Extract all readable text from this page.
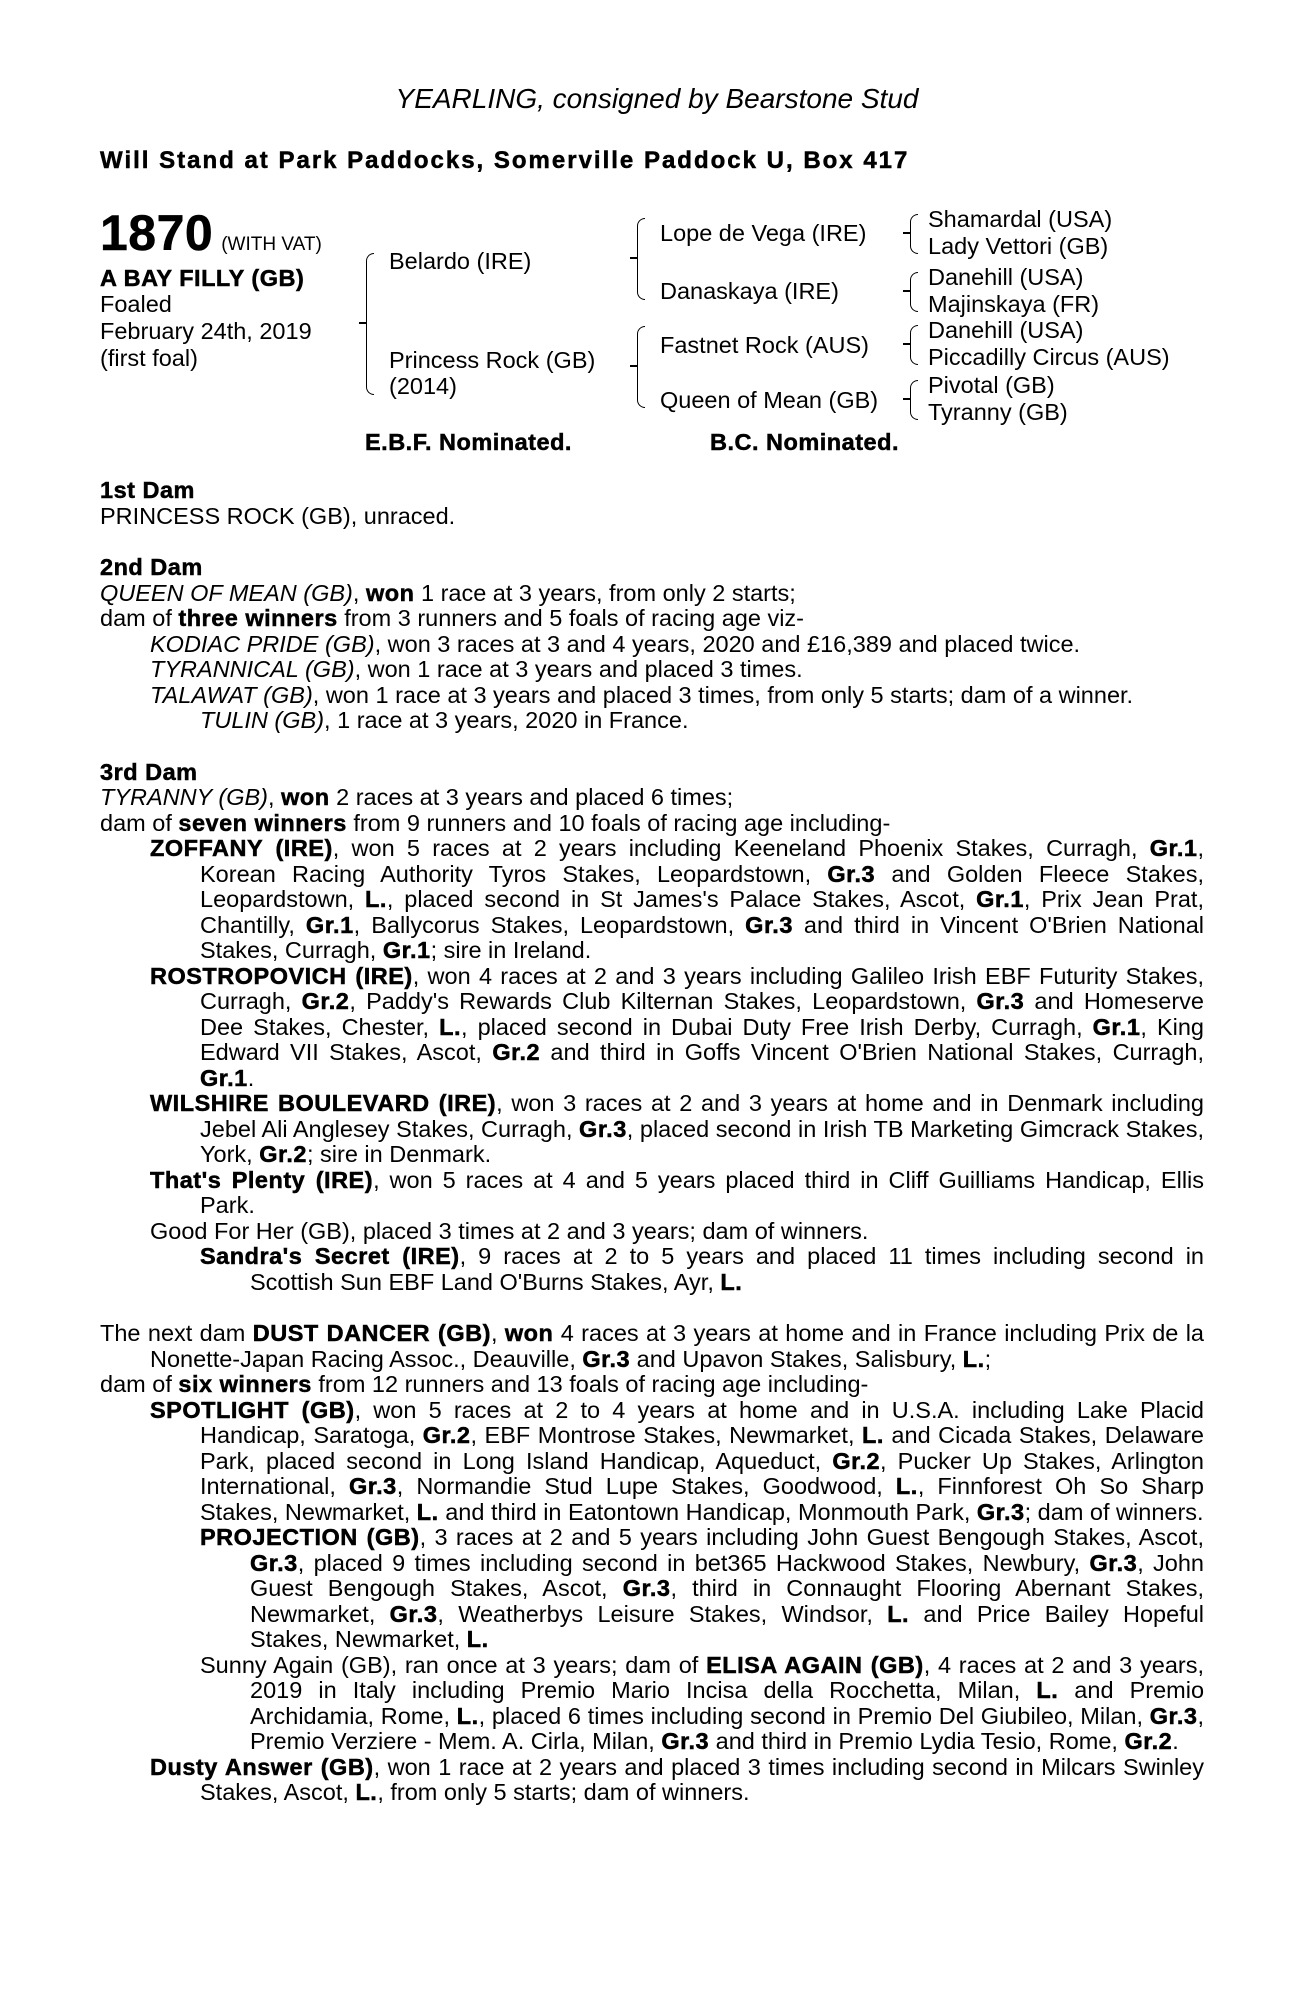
YEARLING, consigned by Bearstone Stud
Will Stand at Park Paddocks, Somerville Paddock U, Box 417
1870 (WITH VAT)
A BAY FILLY (GB)
Foaled
February 24th, 2019
(first foal)
Belardo (IRE)
Princess Rock (GB)
(2014)
Lope de Vega (IRE)
Danaskaya (IRE)
Fastnet Rock (AUS)
Queen of Mean (GB)
Shamardal (USA)
Lady Vettori (GB)
Danehill (USA)
Majinskaya (FR)
Danehill (USA)
Piccadilly Circus (AUS)
Pivotal (GB)
Tyranny (GB)
E.B.F. Nominated.	B.C. Nominated.
1st Dam
PRINCESS ROCK (GB), unraced.
2nd Dam
QUEEN OF MEAN (GB), won 1 race at 3 years, from only 2 starts;
dam of three winners from 3 runners and 5 foals of racing age viz-
KODIAC PRIDE (GB), won 3 races at 3 and 4 years, 2020 and £16,389 and placed twice.
TYRANNICAL (GB), won 1 race at 3 years and placed 3 times.
TALAWAT (GB), won 1 race at 3 years and placed 3 times, from only 5 starts; dam of a winner.
TULIN (GB), 1 race at 3 years, 2020 in France.
3rd Dam
TYRANNY (GB), won 2 races at 3 years and placed 6 times;
dam of seven winners from 9 runners and 10 foals of racing age including-
ZOFFANY (IRE), won 5 races at 2 years including Keeneland Phoenix Stakes, Curragh, Gr.1, Korean Racing Authority Tyros Stakes, Leopardstown, Gr.3 and Golden Fleece Stakes, Leopardstown, L., placed second in St James's Palace Stakes, Ascot, Gr.1, Prix Jean Prat, Chantilly, Gr.1, Ballycorus Stakes, Leopardstown, Gr.3 and third in Vincent O'Brien National Stakes, Curragh, Gr.1; sire in Ireland.
ROSTROPOVICH (IRE), won 4 races at 2 and 3 years including Galileo Irish EBF Futurity Stakes, Curragh, Gr.2, Paddy's Rewards Club Kilternan Stakes, Leopardstown, Gr.3 and Homeserve Dee Stakes, Chester, L., placed second in Dubai Duty Free Irish Derby, Curragh, Gr.1, King Edward VII Stakes, Ascot, Gr.2 and third in Goffs Vincent O'Brien National Stakes, Curragh, Gr.1.
WILSHIRE BOULEVARD (IRE), won 3 races at 2 and 3 years at home and in Denmark including Jebel Ali Anglesey Stakes, Curragh, Gr.3, placed second in Irish TB Marketing Gimcrack Stakes, York, Gr.2; sire in Denmark.
That's Plenty (IRE), won 5 races at 4 and 5 years placed third in Cliff Guilliams Handicap, Ellis Park.
Good For Her (GB), placed 3 times at 2 and 3 years; dam of winners.
Sandra's Secret (IRE), 9 races at 2 to 5 years and placed 11 times including second in Scottish Sun EBF Land O'Burns Stakes, Ayr, L.
The next dam DUST DANCER (GB), won 4 races at 3 years at home and in France including Prix de la Nonette-Japan Racing Assoc., Deauville, Gr.3 and Upavon Stakes, Salisbury, L.;
dam of six winners from 12 runners and 13 foals of racing age including-
SPOTLIGHT (GB), won 5 races at 2 to 4 years at home and in U.S.A. including Lake Placid Handicap, Saratoga, Gr.2, EBF Montrose Stakes, Newmarket, L. and Cicada Stakes, Delaware Park, placed second in Long Island Handicap, Aqueduct, Gr.2, Pucker Up Stakes, Arlington International, Gr.3, Normandie Stud Lupe Stakes, Goodwood, L., Finnforest Oh So Sharp Stakes, Newmarket, L. and third in Eatontown Handicap, Monmouth Park, Gr.3; dam of winners.
PROJECTION (GB), 3 races at 2 and 5 years including John Guest Bengough Stakes, Ascot, Gr.3, placed 9 times including second in bet365 Hackwood Stakes, Newbury, Gr.3, John Guest Bengough Stakes, Ascot, Gr.3, third in Connaught Flooring Abernant Stakes, Newmarket, Gr.3, Weatherbys Leisure Stakes, Windsor, L. and Price Bailey Hopeful Stakes, Newmarket, L.
Sunny Again (GB), ran once at 3 years; dam of ELISA AGAIN (GB), 4 races at 2 and 3 years, 2019 in Italy including Premio Mario Incisa della Rocchetta, Milan, L. and Premio Archidamia, Rome, L., placed 6 times including second in Premio Del Giubileo, Milan, Gr.3, Premio Verziere - Mem. A. Cirla, Milan, Gr.3 and third in Premio Lydia Tesio, Rome, Gr.2.
Dusty Answer (GB), won 1 race at 2 years and placed 3 times including second in Milcars Swinley Stakes, Ascot, L., from only 5 starts; dam of winners.
